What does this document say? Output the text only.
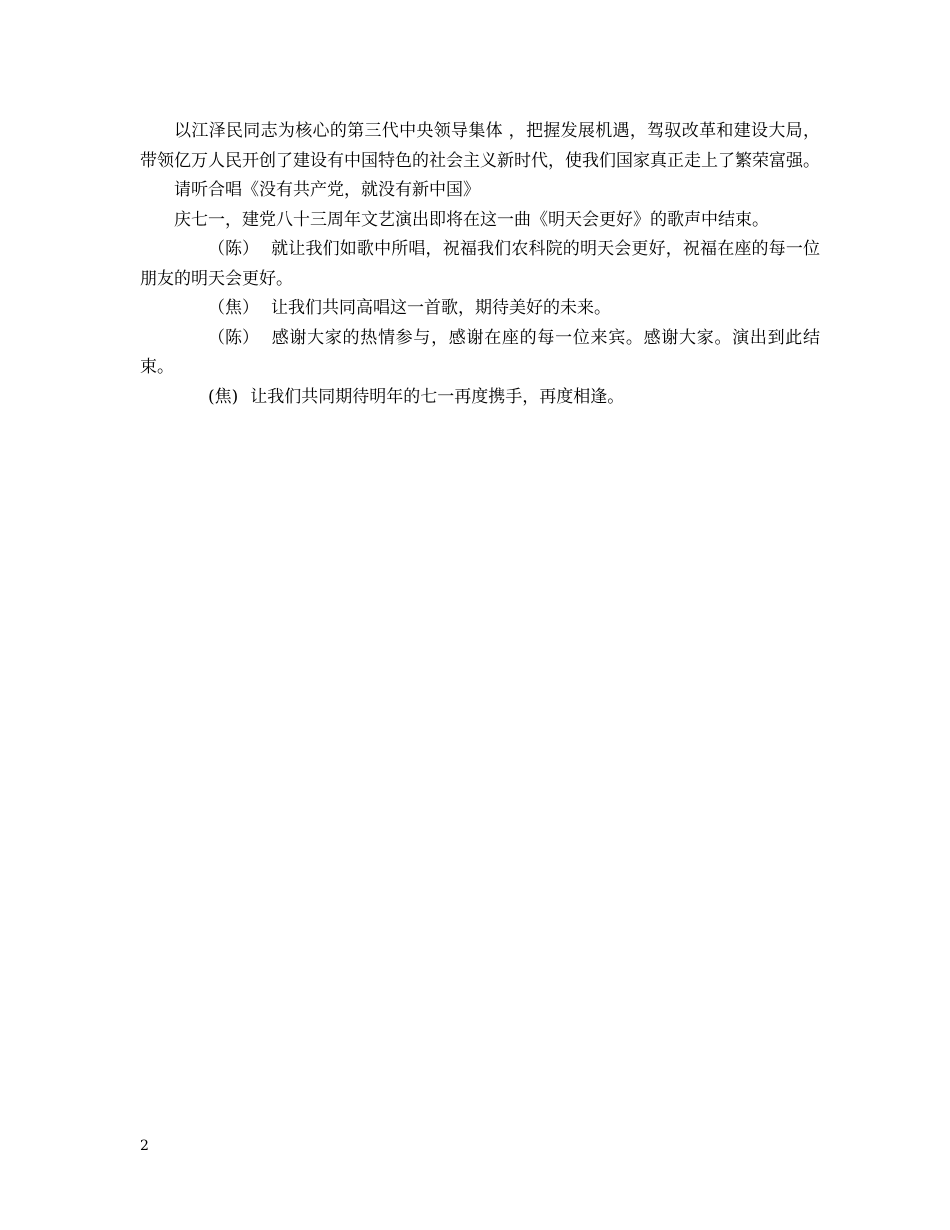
以江泽民同志为核心的第三代中央领导集体 ，把握发展机遇，驾驭改革和建设大局，带领亿万人民开创了建设有中国特色的社会主义新时代，使我们国家真正走上了繁荣富强。

请听合唱《没有共产党，就没有新中国》

庆七一，建党八十三周年文艺演出即将在这一曲《明天会更好》的歌声中结束。

（陈） 就让我们如歌中所唱，祝福我们农科院的明天会更好，祝福在座的每一位朋友的明天会更好。

（焦） 让我们共同高唱这一首歌，期待美好的未来。

（陈） 感谢大家的热情参与，感谢在座的每一位来宾。感谢大家。演出到此结束。

(焦) 让我们共同期待明年的七一再度携手，再度相逢。

2
